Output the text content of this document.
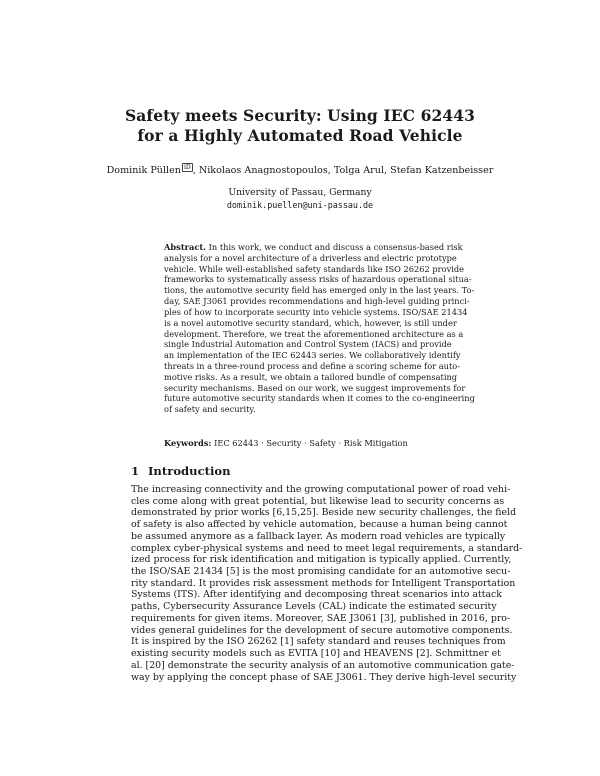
Safety meets Security: Using IEC 62443
for a Highly Automated Road Vehicle
Dominik Püllen iD , Nikolaos Anagnostopoulos, Tolga Arul, Stefan Katzenbeisser
University of Passau, Germany
dominik.puellen@uni-passau.de
Abstract. In this work, we conduct and discuss a consensus-based risk
analysis for a novel architecture of a driverless and electric prototype
vehicle. While well-established safety standards like ISO 26262 provide
frameworks to systematically assess risks of hazardous operational situa-
tions, the automotive security field has emerged only in the last years. To-
day, SAE J3061 provides recommendations and high-level guiding princi-
ples of how to incorporate security into vehicle systems. ISO/SAE 21434
is a novel automotive security standard, which, however, is still under
development. Therefore, we treat the aforementioned architecture as a
single Industrial Automation and Control System (IACS) and provide
an implementation of the IEC 62443 series. We collaboratively identify
threats in a three-round process and define a scoring scheme for auto-
motive risks. As a result, we obtain a tailored bundle of compensating
security mechanisms. Based on our work, we suggest improvements for
future automotive security standards when it comes to the co-engineering
of safety and security.
Keywords: IEC 62443 · Security · Safety · Risk Mitigation
1 Introduction
The increasing connectivity and the growing computational power of road vehi-
cles come along with great potential, but likewise lead to security concerns as
demonstrated by prior works [6,15,25]. Beside new security challenges, the field
of safety is also affected by vehicle automation, because a human being cannot
be assumed anymore as a fallback layer. As modern road vehicles are typically
complex cyber-physical systems and need to meet legal requirements, a standard-
ized process for risk identification and mitigation is typically applied. Currently,
the ISO/SAE 21434 [5] is the most promising candidate for an automotive secu-
rity standard. It provides risk assessment methods for Intelligent Transportation
Systems (ITS). After identifying and decomposing threat scenarios into attack
paths, Cybersecurity Assurance Levels (CAL) indicate the estimated security
requirements for given items. Moreover, SAE J3061 [3], published in 2016, pro-
vides general guidelines for the development of secure automotive components.
It is inspired by the ISO 26262 [1] safety standard and reuses techniques from
existing security models such as EVITA [10] and HEAVENS [2]. Schmittner et
al. [20] demonstrate the security analysis of an automotive communication gate-
way by applying the concept phase of SAE J3061. They derive high-level security
